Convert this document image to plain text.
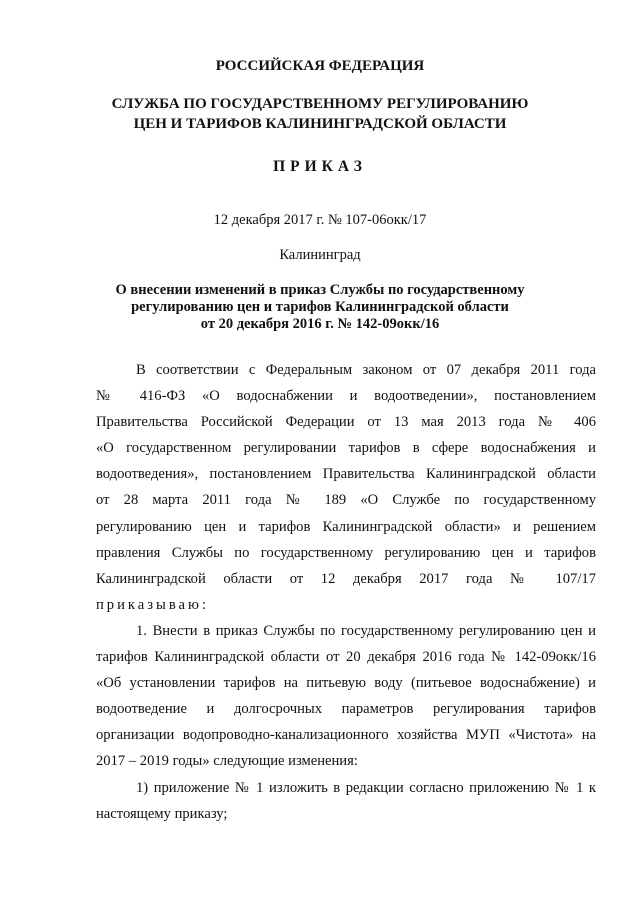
РОССИЙСКАЯ ФЕДЕРАЦИЯ
СЛУЖБА ПО ГОСУДАРСТВЕННОМУ РЕГУЛИРОВАНИЮ
ЦЕН И ТАРИФОВ КАЛИНИНГРАДСКОЙ ОБЛАСТИ
ПРИКАЗ
12 декабря 2017 г. № 107-06окк/17
Калининград
О внесении изменений в приказ Службы по государственному
регулированию цен и тарифов Калининградской области
от 20 декабря 2016 г. № 142-09окк/16
В соответствии с Федеральным законом от 07 декабря 2011 года
№ 416-ФЗ «О водоснабжении и водоотведении», постановлением
Правительства Российской Федерации от 13 мая 2013 года № 406
«О государственном регулировании тарифов в сфере водоснабжения и
водоотведения», постановлением Правительства Калининградской области
от 28 марта 2011 года № 189 «О Службе по государственному
регулированию цен и тарифов Калининградской области» и решением
правления Службы по государственному регулированию цен и тарифов
Калининградской области от 12 декабря 2017 года № 107/17
приказываю:
1. Внести в приказ Службы по государственному регулированию цен и
тарифов Калининградской области от 20 декабря 2016 года № 142-09окк/16
«Об установлении тарифов на питьевую воду (питьевое водоснабжение) и
водоотведение и долгосрочных параметров регулирования тарифов
организации водопроводно-канализационного хозяйства МУП «Чистота» на
2017 – 2019 годы» следующие изменения:
1) приложение № 1 изложить в редакции согласно приложению № 1 к
настоящему приказу;
